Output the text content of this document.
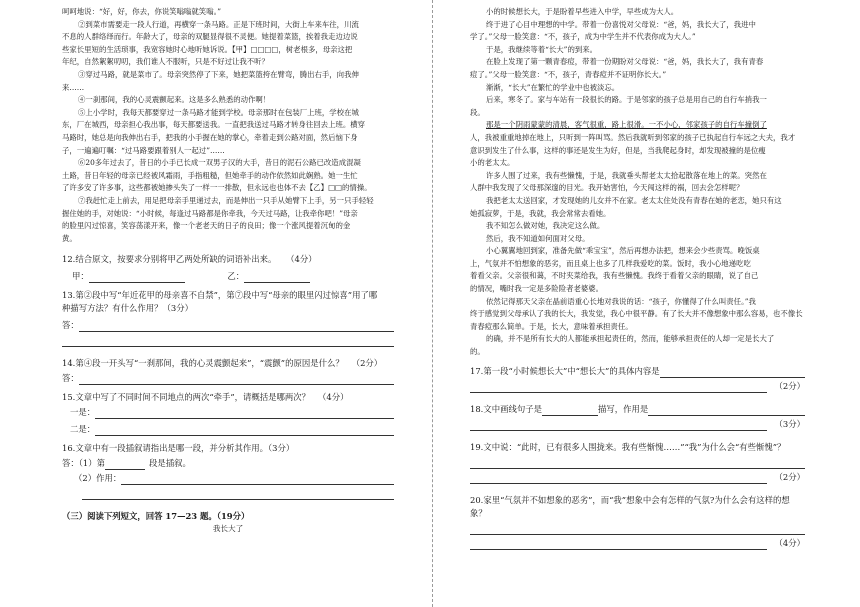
呵呵地说：“好，好，你去，你说笑嗡嗡就笑嗡。”

②到菜市需要走一段人行道，再横穿一条马路。正是下班时间，大街上车来车往，川流

不息的人群络绎而行。年龄大了，母亲的双腿显得很不灵便。她提着菜篮，挨着我走边边说

些家长里短的生活琐事，我宽容她时心地听她诉说。【甲】□□□□，树老根多，母亲这把

年纪，自然絮絮叨叨，我们谁人不服听，只是不好过让我不听？

③穿过马路，就是菜市了。母亲突然停了下来，她把菜篮挎在臂弯，腾出右手，向我伸

来……

④一刹那间，我的心灵震颤起来。这是多么熟悉的动作啊！

⑤上小学时，我每天都要穿过一条马路才能到学校。母亲那时在包装厂上班，学校在城

东，厂在城西，母亲担心我出事，每天都要送我。一直把我送过马路才转身往回去上班。横穿

马路时，她总是向我伸出右手，把我的小手握在她的掌心，牵着走到公路对面，然后恼下身

子，一遍遍叮嘱：“过马路要跟着别人一起过”……

⑥20多年过去了，昔日的小手已长成一双男子汉的大手，昔日的泥石公路已改造成混凝

土路，昔日年轻的母亲已经被风霜雨，手指粗糙，但她牵手的动作依然如此娴熟。她一生忙

了许多安了许多事，这些都被她掺头失了一样一一排散，但永远也也体不去【乙】□□的情操。

⑦我赶忙走上前去，用足把母亲手里递过去，而是伸出一只手从她臂下上手，另一只手轻轻

握住她的手，对她说：“小时候，每逢过马路都是你牵我，今天过马路，让我牵你吧！”母亲

的脸里闪过惊喜，笑容荡漾开来，像一个老老天的日子的良田；像一个涨风提着沉甸的金

黄。

12.结合原文，按要求分别将甲乙两处所缺的词语补出来。 （4分）

甲：	乙：

13.第②段中写“年近花甲的母亲喜不自禁”，第⑦段中写“母亲的眼里闪过惊喜”用了哪

种描写方法？有什么作用？（3分）

答：

14.第④段一开头写“一刹那间，我的心灵震颤起来”，“震颤”的原因是什么？ （2分）

答：

15.文章中写了不同时间不同地点的两次“牵手”，请概括是哪两次？ （4分）

一是：

二是：

16.文章中有一段插叙请指出是哪一段，并分析其作用。（3分）

答：（1）第	段是插叙。

（2）作用：

（三）阅读下列短文，回答 17—23 题。（19分）

我长大了

小的时候想长大，于是盼着早些进入中学，早些成为大人。

终于进了心目中理想的中学。带着一份喜悦对父母说：“爸，妈，我长大了，我进中

学了。”父母一脸笑意：“不，孩子，成为中学生并不代表你成为大人。”

于是，我继续等着“长大”的到来。

在脸上发现了第一颗青春痘，带着一份期盼对父母说：“爸，妈，我长大了，我有青春

痘了。”父母一脸笑意：“不，孩子，青春痘并不证明你长大。”

渐渐，“长大”在繁忙的学业中也被淡忘。

后来，寒冬了。家与车站有一段很长的路。于是邻家的孩子总是用自己的自行车捎我一

段。

那是一个阴雨蒙蒙的清晨，客气很重，路上很滑。一不小心，邻家孩子的自行车撞倒了

人，我被重重地掉在地上，只听到一阵叫骂。然后我就听到邻家的孩子已执起自行车远之大夫，我才

意识到发生了什么事，这样的事还是发生为好，但是，当我爬起身时，却发现被撞的是位瘦

小的老太太。

许多人围了过来，我有些懒愧，于是，我就垂头帮老太太拾起散落在地上的菜。突然在

人群中我发现了父母那深邃的目光。我开始害怕，今天闯这样的祸，回去会怎样呢？

我把老太太送回家，才发现她的儿女并不在家。老太太住处没有青春在她的老恋，她只有这

她孤寂萝，于是，我就，我会常常去看她。

我不知怎么做对她，我决定这么做。

然后，我不知道如何面对父母。

小心翼翼地回到家，准备先做“乖宝宝”，然后再想办法把，想来会少些责骂。晚饭桌

上，气氛并不怕想象的恶劣，而且桌上也多了几样我爱吃的菜。饭时，我小心地递吃吃

着看父亲。父亲很和蔼，不时夹菜给我，我有些懒愧。我终于看着父亲的眼睛，说了自己

的情况，嘴时我一定是多险险者老婆婆。

依然记得那天父亲在晶前语重心长地对我说的话：“孩子，你懂得了什么叫责任。”我

终于感觉到父母承认了我的长大，我发觉，我心中很平静。有了长大并不像想象中那么容易，也不像长

青春痘那么简单。于是，长大，意味着承担责任。

的确，并不是所有长大的人都能承担起责任的，然而，能够承担责任的人却一定是长大了

的。

17. 第一段“小时候想长大”中“想长大”的具体内容是

（2分）

18. 文中画线句子是	描写，作用是

（3分）

19.文中说：“此时，已有很多人围拢来。我有些惭愧……”“我”为什么会“有些惭愧”？

（2分）

20.家里“气氛并不如想象的恶劣”，而“我”想象中会有怎样的气氛?为什么会有这样的想

象？

（4分）
